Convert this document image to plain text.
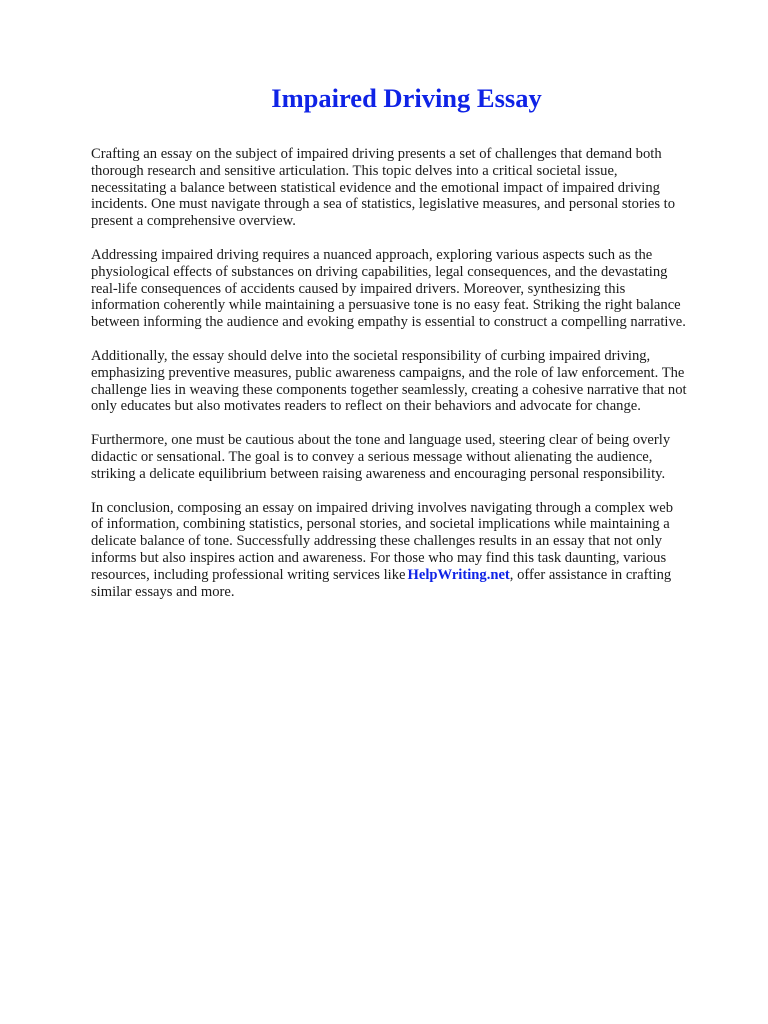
Impaired Driving Essay

Crafting an essay on the subject of impaired driving presents a set of challenges that demand both
thorough research and sensitive articulation. This topic delves into a critical societal issue,
necessitating a balance between statistical evidence and the emotional impact of impaired driving
incidents. One must navigate through a sea of statistics, legislative measures, and personal stories to
present a comprehensive overview.

Addressing impaired driving requires a nuanced approach, exploring various aspects such as the
physiological effects of substances on driving capabilities, legal consequences, and the devastating
real-life consequences of accidents caused by impaired drivers. Moreover, synthesizing this
information coherently while maintaining a persuasive tone is no easy feat. Striking the right balance
between informing the audience and evoking empathy is essential to construct a compelling narrative.

Additionally, the essay should delve into the societal responsibility of curbing impaired driving,
emphasizing preventive measures, public awareness campaigns, and the role of law enforcement. The
challenge lies in weaving these components together seamlessly, creating a cohesive narrative that not
only educates but also motivates readers to reflect on their behaviors and advocate for change.

Furthermore, one must be cautious about the tone and language used, steering clear of being overly
didactic or sensational. The goal is to convey a serious message without alienating the audience,
striking a delicate equilibrium between raising awareness and encouraging personal responsibility.

In conclusion, composing an essay on impaired driving involves navigating through a complex web
of information, combining statistics, personal stories, and societal implications while maintaining a
delicate balance of tone. Successfully addressing these challenges results in an essay that not only
informs but also inspires action and awareness. For those who may find this task daunting, various
resources, including professional writing services like HelpWriting.net, offer assistance in crafting
similar essays and more.
